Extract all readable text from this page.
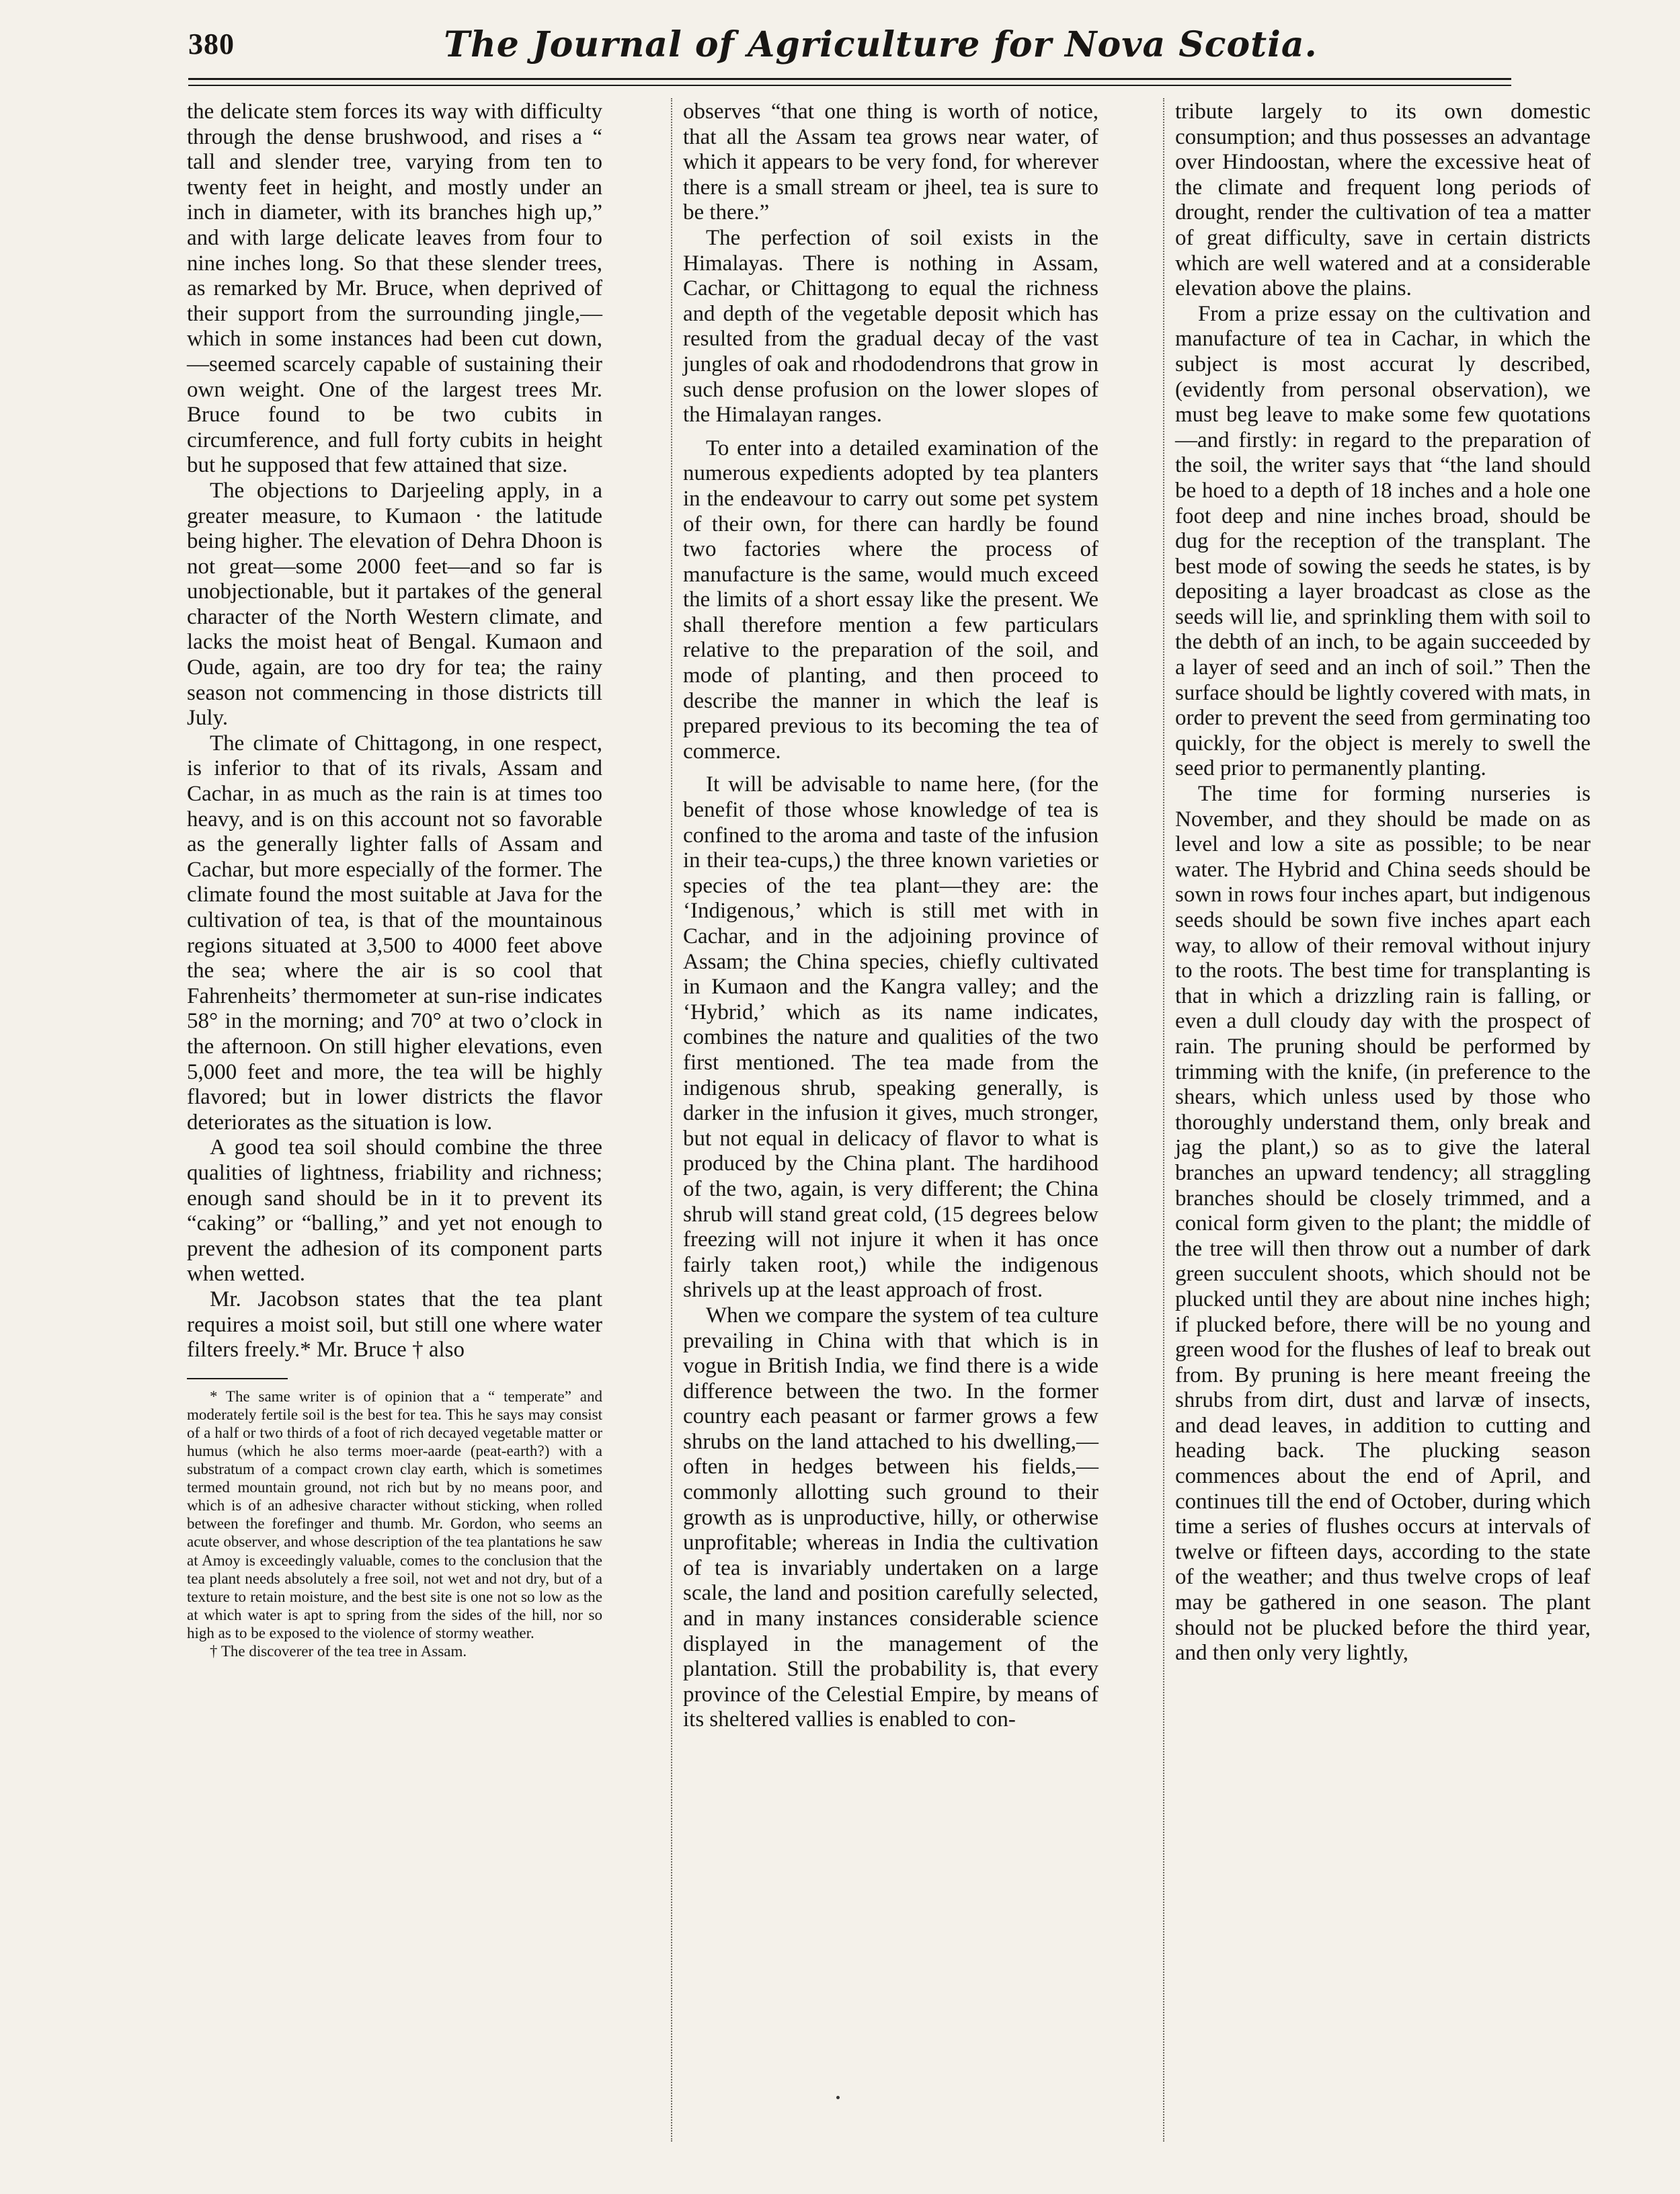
380	The Journal of Agriculture for Nova Scotia.

the delicate stem forces its way with difficulty through the dense brushwood, and rises a “ tall and slender tree, varying from ten to twenty feet in height, and mostly under an inch in diameter, with its branches high up,” and with large delicate leaves from four to nine inches long. So that these slender trees, as remarked by Mr. Bruce, when deprived of their support from the surrounding jingle,—which in some instances had been cut down,—seemed scarcely capable of sustaining their own weight. One of the largest trees Mr. Bruce found to be two cubits in circumference, and full forty cubits in height but he supposed that few attained that size.

The objections to Darjeeling apply, in a greater measure, to Kumaon · the latitude being higher. The elevation of Dehra Dhoon is not great—some 2000 feet—and so far is unobjectionable, but it partakes of the general character of the North Western climate, and lacks the moist heat of Bengal. Kumaon and Oude, again, are too dry for tea; the rainy season not commencing in those districts till July.

The climate of Chittagong, in one respect, is inferior to that of its rivals, Assam and Cachar, in as much as the rain is at times too heavy, and is on this account not so favorable as the generally lighter falls of Assam and Cachar, but more especially of the former. The climate found the most suitable at Java for the cultivation of tea, is that of the mountainous regions situated at 3,500 to 4000 feet above the sea; where the air is so cool that Fahrenheits’ thermometer at sun-rise indicates 58° in the morning; and 70° at two o’clock in the afternoon. On still higher elevations, even 5,000 feet and more, the tea will be highly flavored; but in lower districts the flavor deteriorates as the situation is low.

A good tea soil should combine the three qualities of lightness, friability and richness; enough sand should be in it to prevent its “caking” or “balling,” and yet not enough to prevent the adhesion of its component parts when wetted.

Mr. Jacobson states that the tea plant requires a moist soil, but still one where water filters freely.* Mr. Bruce † also

* The same writer is of opinion that a “ temperate” and moderately fertile soil is the best for tea. This he says may consist of a half or two thirds of a foot of rich decayed vegetable matter or humus (which he also terms moer-aarde (peat-earth?) with a substratum of a compact crown clay earth, which is sometimes termed mountain ground, not rich but by no means poor, and which is of an adhesive character without sticking, when rolled between the forefinger and thumb. Mr. Gordon, who seems an acute observer, and whose description of the tea plantations he saw at Amoy is exceedingly valuable, comes to the conclusion that the tea plant needs absolutely a free soil, not wet and not dry, but of a texture to retain moisture, and the best site is one not so low as the at which water is apt to spring from the sides of the hill, nor so high as to be exposed to the violence of stormy weather.

† The discoverer of the tea tree in Assam.

observes “that one thing is worth of notice, that all the Assam tea grows near water, of which it appears to be very fond, for wherever there is a small stream or jheel, tea is sure to be there.”

The perfection of soil exists in the Himalayas. There is nothing in Assam, Cachar, or Chittagong to equal the richness and depth of the vegetable deposit which has resulted from the gradual decay of the vast jungles of oak and rhododendrons that grow in such dense profusion on the lower slopes of the Himalayan ranges.

To enter into a detailed examination of the numerous expedients adopted by tea planters in the endeavour to carry out some pet system of their own, for there can hardly be found two factories where the process of manufacture is the same, would much exceed the limits of a short essay like the present. We shall therefore mention a few particulars relative to the preparation of the soil, and mode of planting, and then proceed to describe the manner in which the leaf is prepared previous to its becoming the tea of commerce.

It will be advisable to name here, (for the benefit of those whose knowledge of tea is confined to the aroma and taste of the infusion in their tea-cups,) the three known varieties or species of the tea plant—they are: the ‘Indigenous,’ which is still met with in Cachar, and in the adjoining province of Assam; the China species, chiefly cultivated in Kumaon and the Kangra valley; and the ‘Hybrid,’ which as its name indicates, combines the nature and qualities of the two first mentioned. The tea made from the indigenous shrub, speaking generally, is darker in the infusion it gives, much stronger, but not equal in delicacy of flavor to what is produced by the China plant. The hardihood of the two, again, is very different; the China shrub will stand great cold, (15 degrees below freezing will not injure it when it has once fairly taken root,) while the indigenous shrivels up at the least approach of frost.

When we compare the system of tea culture prevailing in China with that which is in vogue in British India, we find there is a wide difference between the two. In the former country each peasant or farmer grows a few shrubs on the land attached to his dwelling,—often in hedges between his fields,—commonly allotting such ground to their growth as is unproductive, hilly, or otherwise unprofitable; whereas in India the cultivation of tea is invariably undertaken on a large scale, the land and position carefully selected, and in many instances considerable science displayed in the management of the plantation. Still the probability is, that every province of the Celestial Empire, by means of its sheltered vallies is enabled to con-

tribute largely to its own domestic consumption; and thus possesses an advantage over Hindoostan, where the excessive heat of the climate and frequent long periods of drought, render the cultivation of tea a matter of great difficulty, save in certain districts which are well watered and at a considerable elevation above the plains.

From a prize essay on the cultivation and manufacture of tea in Cachar, in which the subject is most accurat ly described, (evidently from personal observation), we must beg leave to make some few quotations—and firstly: in regard to the preparation of the soil, the writer says that “the land should be hoed to a depth of 18 inches and a hole one foot deep and nine inches broad, should be dug for the reception of the transplant. The best mode of sowing the seeds he states, is by depositing a layer broadcast as close as the seeds will lie, and sprinkling them with soil to the debth of an inch, to be again succeeded by a layer of seed and an inch of soil.” Then the surface should be lightly covered with mats, in order to prevent the seed from germinating too quickly, for the object is merely to swell the seed prior to permanently planting.

The time for forming nurseries is November, and they should be made on as level and low a site as possible; to be near water. The Hybrid and China seeds should be sown in rows four inches apart, but indigenous seeds should be sown five inches apart each way, to allow of their removal without injury to the roots. The best time for transplanting is that in which a drizzling rain is falling, or even a dull cloudy day with the prospect of rain. The pruning should be performed by trimming with the knife, (in preference to the shears, which unless used by those who thoroughly understand them, only break and jag the plant,) so as to give the lateral branches an upward tendency; all straggling branches should be closely trimmed, and a conical form given to the plant; the middle of the tree will then throw out a number of dark green succulent shoots, which should not be plucked until they are about nine inches high; if plucked before, there will be no young and green wood for the flushes of leaf to break out from. By pruning is here meant freeing the shrubs from dirt, dust and larvæ of insects, and dead leaves, in addition to cutting and heading back. The plucking season commences about the end of April, and continues till the end of October, during which time a series of flushes occurs at intervals of twelve or fifteen days, according to the state of the weather; and thus twelve crops of leaf may be gathered in one season. The plant should not be plucked before the third year, and then only very lightly,
